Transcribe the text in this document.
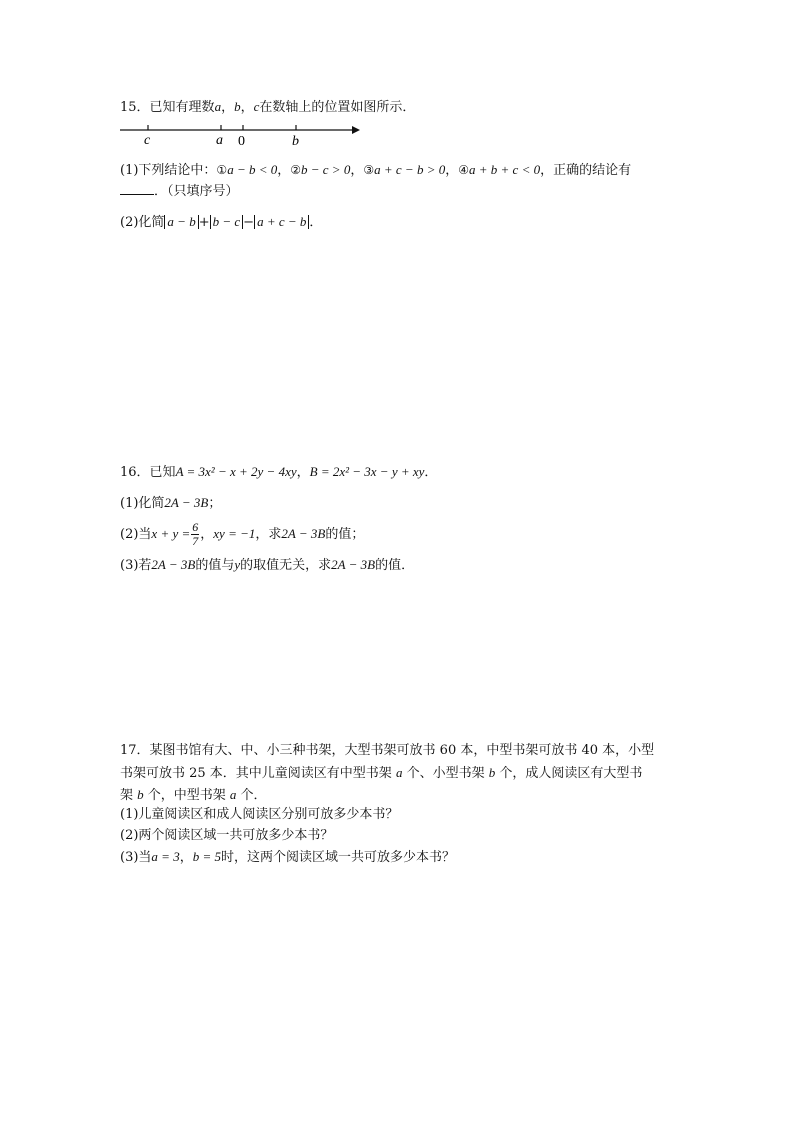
15．已知有理数a，b，c在数轴上的位置如图所示．
c	a 0	b
(1)下列结论中：①a − b < 0，②b − c > 0，③a + c − b > 0，④a + b + c < 0，正确的结论有
．（只填序号）
(2)化简 a − b + b − c − a + c − b ．
16．已知A = 3x² − x + 2y − 4xy，B = 2x² − 3x − y + xy．
(1)化简2A − 3B；
(2)当$x + y = \frac{6}{7}$ ，xy = −1，求2A − 3B的值；
(3)若2A − 3B的值与y的取值无关，求2A − 3B的值．
17．某图书馆有大、中、小三种书架，大型书架可放书 60 本，中型书架可放书 40 本，小型
书架可放书 25 本．其中儿童阅读区有中型书架 a 个、小型书架 b 个，成人阅读区有大型书
架 b 个，中型书架 a 个．
(1)儿童阅读区和成人阅读区分别可放多少本书？
(2)两个阅读区域一共可放多少本书？
(3)当a = 3，b = 5时，这两个阅读区域一共可放多少本书？
